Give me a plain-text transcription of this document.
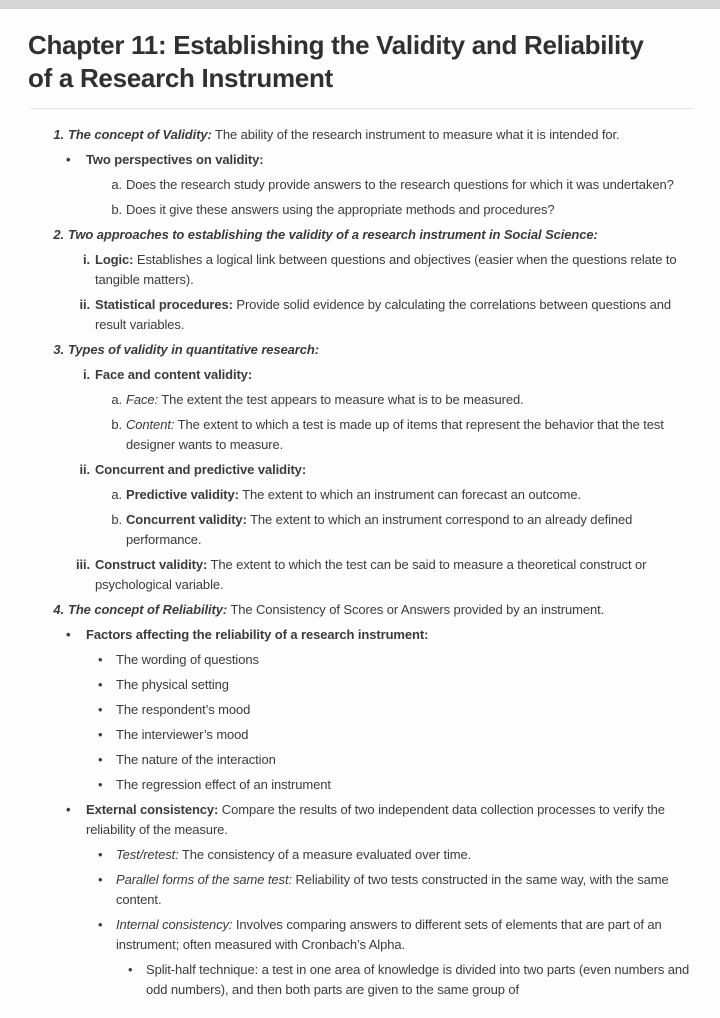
Chapter 11: Establishing the Validity and Reliability
of a Research Instrument
1. The concept of Validity: The ability of the research instrument to measure what it is intended for.
• Two perspectives on validity:
a. Does the research study provide answers to the research questions for which it was undertaken?
b. Does it give these answers using the appropriate methods and procedures?
2. Two approaches to establishing the validity of a research instrument in Social Science:
i. Logic: Establishes a logical link between questions and objectives (easier when the questions relate to tangible matters).
ii. Statistical procedures: Provide solid evidence by calculating the correlations between questions and result variables.
3. Types of validity in quantitative research:
i. Face and content validity:
a. Face: The extent the test appears to measure what is to be measured.
b. Content: The extent to which a test is made up of items that represent the behavior that the test designer wants to measure.
ii. Concurrent and predictive validity:
a. Predictive validity: The extent to which an instrument can forecast an outcome.
b. Concurrent validity: The extent to which an instrument correspond to an already defined performance.
iii. Construct validity: The extent to which the test can be said to measure a theoretical construct or psychological variable.
4. The concept of Reliability: The Consistency of Scores or Answers provided by an instrument.
• Factors affecting the reliability of a research instrument:
• The wording of questions
• The physical setting
• The respondent’s mood
• The interviewer’s mood
• The nature of the interaction
• The regression effect of an instrument
• External consistency: Compare the results of two independent data collection processes to verify the reliability of the measure.
• Test/retest: The consistency of a measure evaluated over time.
• Parallel forms of the same test: Reliability of two tests constructed in the same way, with the same content.
• Internal consistency: Involves comparing answers to different sets of elements that are part of an instrument; often measured with Cronbach’s Alpha.
• Split-half technique: a test in one area of knowledge is divided into two parts (even numbers and odd numbers), and then both parts are given to the same group of
